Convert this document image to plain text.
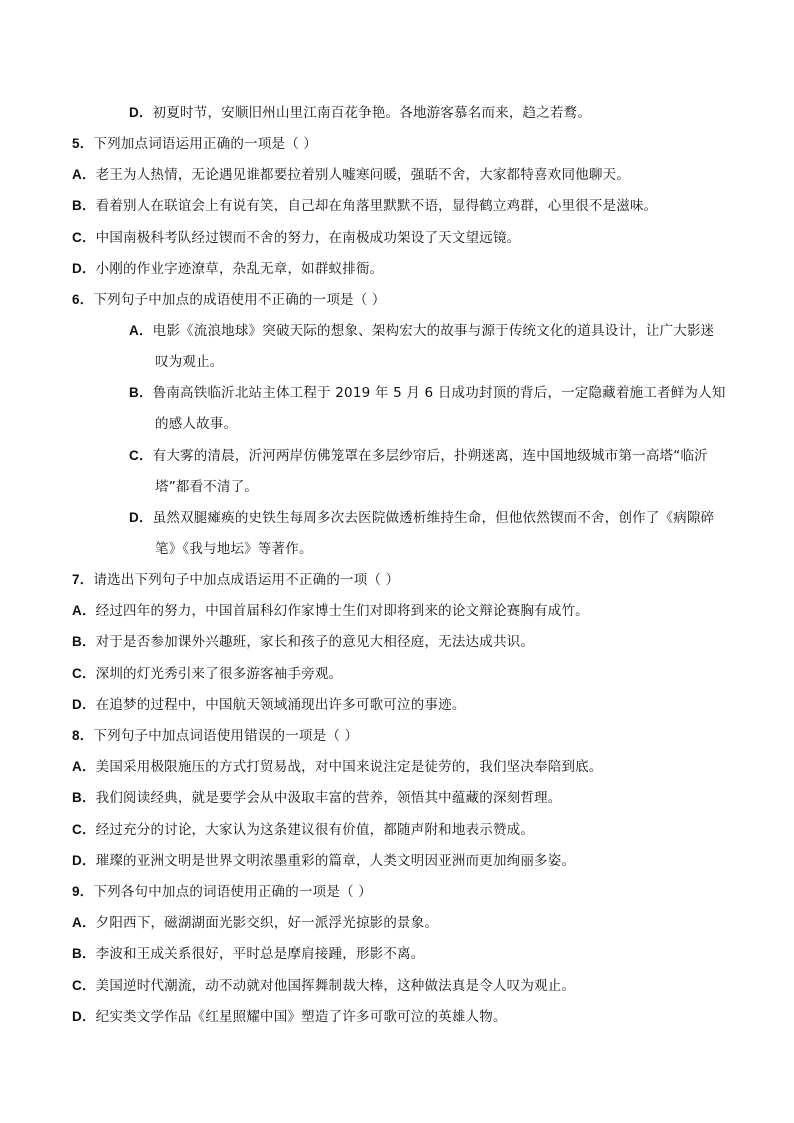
D．初夏时节，安顺旧州山里江南百花争艳。各地游客慕名而来，趋之若鹜。
5．下列加点词语运用正确的一项是（ ）
A．老王为人热情，无论遇见谁都要拉着别人嘘寒问暖，强聒不舍，大家都特喜欢同他聊天。
B．看着别人在联谊会上有说有笑，自己却在角落里默默不语，显得鹤立鸡群，心里很不是滋味。
C．中国南极科考队经过锲而不舍的努力，在南极成功架设了天文望远镜。
D．小刚的作业字迹潦草，杂乱无章，如群蚁排衙。
6．下列句子中加点的成语使用不正确的一项是（ ）
A．电影《流浪地球》突破天际的想象、架构宏大的故事与源于传统文化的道具设计，让广大影迷
叹为观止。
B．鲁南高铁临沂北站主体工程于 2019 年 5 月 6 日成功封顶的背后，一定隐藏着施工者鲜为人知
的感人故事。
C．有大雾的清晨，沂河两岸仿佛笼罩在多层纱帘后，扑朔迷离，连中国地级城市第一高塔“临沂
塔”都看不清了。
D．虽然双腿瘫痪的史铁生每周多次去医院做透析维持生命，但他依然锲而不舍，创作了《病隙碎
笔》《我与地坛》等著作。
7．请选出下列句子中加点成语运用不正确的一项（ ）
A．经过四年的努力，中国首届科幻作家博士生们对即将到来的论文辩论赛胸有成竹。
B．对于是否参加课外兴趣班，家长和孩子的意见大相径庭，无法达成共识。
C．深圳的灯光秀引来了很多游客袖手旁观。
D．在追梦的过程中，中国航天领域涌现出许多可歌可泣的事迹。
8．下列句子中加点词语使用错误的一项是（ ）
A．美国采用极限施压的方式打贸易战，对中国来说注定是徒劳的，我们坚决奉陪到底。
B．我们阅读经典，就是要学会从中汲取丰富的营养，领悟其中蕴藏的深刻哲理。
C．经过充分的讨论，大家认为这条建议很有价值，都随声附和地表示赞成。
D．璀璨的亚洲文明是世界文明浓墨重彩的篇章，人类文明因亚洲而更加绚丽多姿。
9．下列各句中加点的词语使用正确的一项是（ ）
A．夕阳西下，磁湖湖面光影交织，好一派浮光掠影的景象。
B．李波和王成关系很好，平时总是摩肩接踵，形影不离。
C．美国逆时代潮流，动不动就对他国挥舞制裁大棒，这种做法真是令人叹为观止。
D．纪实类文学作品《红星照耀中国》塑造了许多可歌可泣的英雄人物。
